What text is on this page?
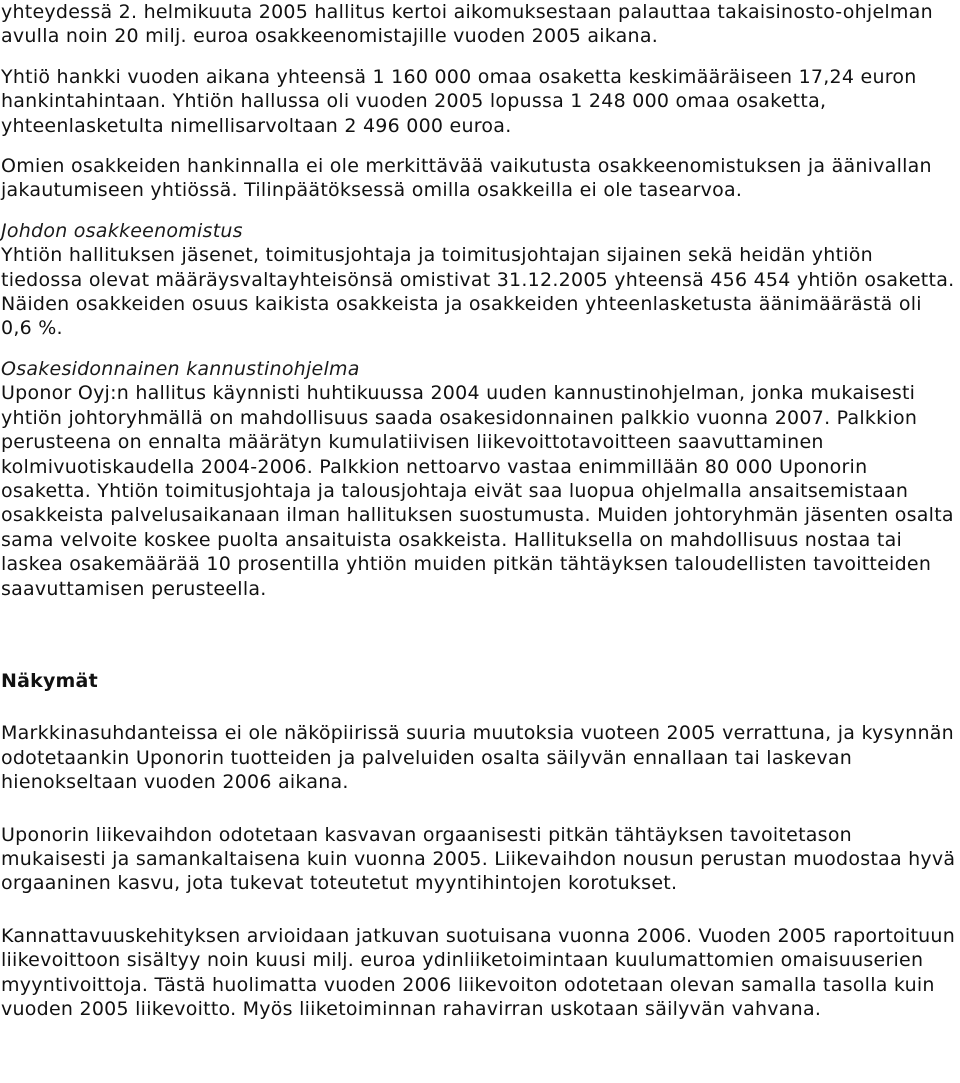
yhteydessä 2. helmikuuta 2005 hallitus kertoi aikomuksestaan palauttaa takaisinosto-ohjelman avulla noin 20 milj. euroa osakkeenomistajille vuoden 2005 aikana.

Yhtiö hankki vuoden aikana yhteensä 1 160 000 omaa osaketta keskimääräiseen 17,24 euron hankintahintaan. Yhtiön hallussa oli vuoden 2005 lopussa 1 248 000 omaa osaketta, yhteenlasketulta nimellisarvoltaan 2 496 000 euroa.

Omien osakkeiden hankinnalla ei ole merkittävää vaikutusta osakkeenomistuksen ja äänivallan jakautumiseen yhtiössä. Tilinpäätöksessä omilla osakkeilla ei ole tasearvoa.

Johdon osakkeenomistus

Yhtiön hallituksen jäsenet, toimitusjohtaja ja toimitusjohtajan sijainen sekä heidän yhtiön tiedossa olevat määräysvaltayhteisönsä omistivat 31.12.2005 yhteensä 456 454 yhtiön osaketta. Näiden osakkeiden osuus kaikista osakkeista ja osakkeiden yhteenlasketusta äänimäärästä oli 0,6 %.

Osakesidonnainen kannustinohjelma

Uponor Oyj:n hallitus käynnisti huhtikuussa 2004 uuden kannustinohjelman, jonka mukaisesti yhtiön johtoryhmällä on mahdollisuus saada osakesidonnainen palkkio vuonna 2007. Palkkion perusteena on ennalta määrätyn kumulatiivisen liikevoittotavoitteen saavuttaminen kolmivuotiskaudella 2004-2006. Palkkion nettoarvo vastaa enimmillään 80 000 Uponorin osaketta. Yhtiön toimitusjohtaja ja talousjohtaja eivät saa luopua ohjelmalla ansaitsemistaan osakkeista palvelusaikanaan ilman hallituksen suostumusta. Muiden johtoryhmän jäsenten osalta sama velvoite koskee puolta ansaituista osakkeista. Hallituksella on mahdollisuus nostaa tai laskea osakemäärää 10 prosentilla yhtiön muiden pitkän tähtäyksen taloudellisten tavoitteiden saavuttamisen perusteella.

Näkymät

Markkinasuhdanteissa ei ole näköpiirissä suuria muutoksia vuoteen 2005 verrattuna, ja kysynnän odotetaankin Uponorin tuotteiden ja palveluiden osalta säilyvän ennallaan tai laskevan hienokseltaan vuoden 2006 aikana.

Uponorin liikevaihdon odotetaan kasvavan orgaanisesti pitkän tähtäyksen tavoitetason mukaisesti ja samankaltaisena kuin vuonna 2005. Liikevaihdon nousun perustan muodostaa hyvä orgaaninen kasvu, jota tukevat toteutetut myyntihintojen korotukset.

Kannattavuuskehityksen arvioidaan jatkuvan suotuisana vuonna 2006. Vuoden 2005 raportoituun liikevoittoon sisältyy noin kuusi milj. euroa ydinliiketoimintaan kuulumattomien omaisuuserien myyntivoittoja. Tästä huolimatta vuoden 2006 liikevoiton odotetaan olevan samalla tasolla kuin vuoden 2005 liikevoitto. Myös liiketoiminnan rahavirran uskotaan säilyvän vahvana.
